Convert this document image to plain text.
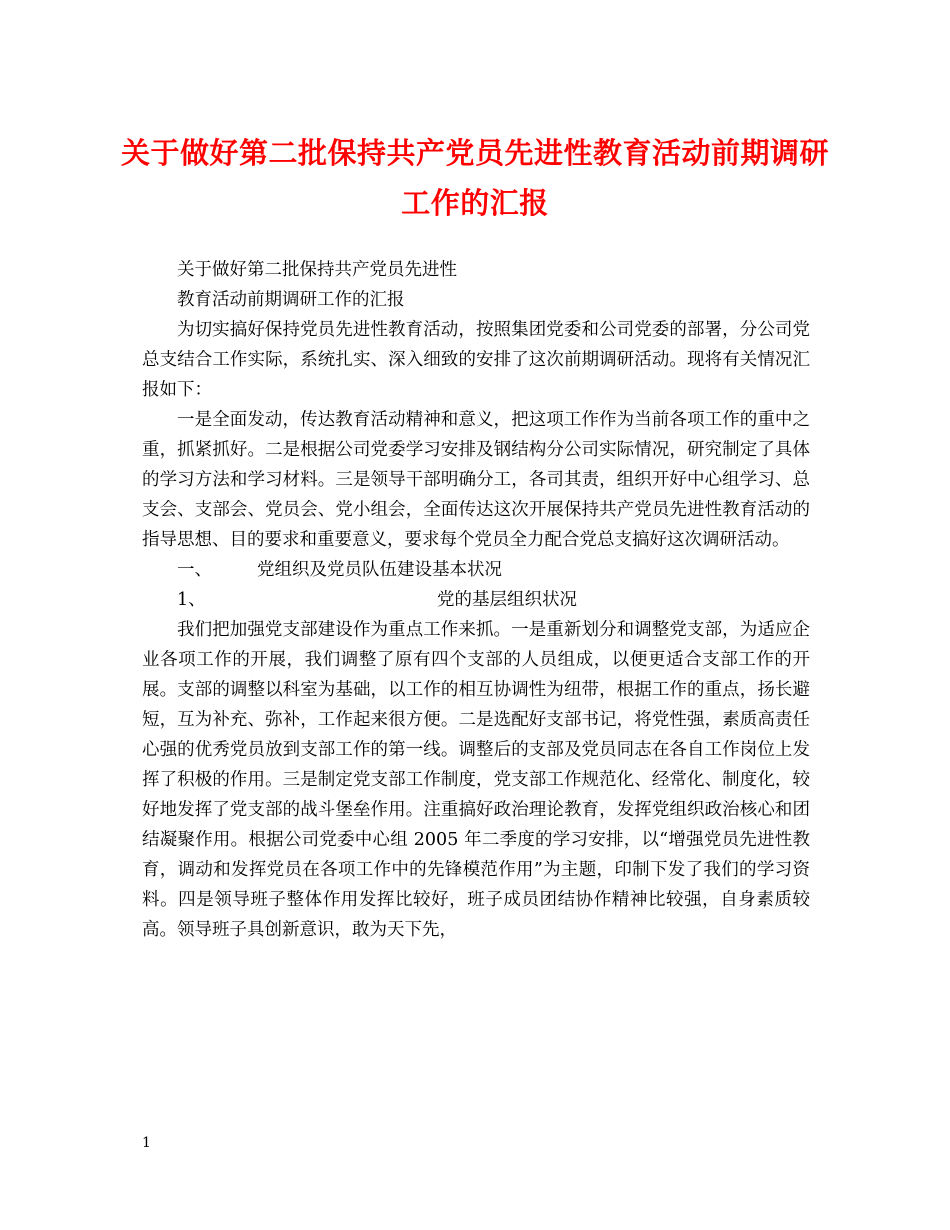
关于做好第二批保持共产党员先进性教育活动前期调研
工作的汇报

关于做好第二批保持共产党员先进性

教育活动前期调研工作的汇报

为切实搞好保持党员先进性教育活动，按照集团党委和公司党委的部署，分公司党总支结合工作实际，系统扎实、深入细致的安排了这次前期调研活动。现将有关情况汇报如下：

一是全面发动，传达教育活动精神和意义，把这项工作作为当前各项工作的重中之重，抓紧抓好。二是根据公司党委学习安排及钢结构分公司实际情况，研究制定了具体的学习方法和学习材料。三是领导干部明确分工，各司其责，组织开好中心组学习、总支会、支部会、党员会、党小组会，全面传达这次开展保持共产党员先进性教育活动的指导思想、目的要求和重要意义，要求每个党员全力配合党总支搞好这次调研活动。

一、	党组织及党员队伍建设基本状况
1、	党的基层组织状况

我们把加强党支部建设作为重点工作来抓。一是重新划分和调整党支部，为适应企业各项工作的开展，我们调整了原有四个支部的人员组成，以便更适合支部工作的开展。支部的调整以科室为基础，以工作的相互协调性为纽带，根据工作的重点，扬长避短，互为补充、弥补，工作起来很方便。二是选配好支部书记，将党性强，素质高责任心强的优秀党员放到支部工作的第一线。调整后的支部及党员同志在各自工作岗位上发挥了积极的作用。三是制定党支部工作制度，党支部工作规范化、经常化、制度化，较好地发挥了党支部的战斗堡垒作用。注重搞好政治理论教育，发挥党组织政治核心和团结凝聚作用。根据公司党委中心组 2005 年二季度的学习安排，以“增强党员先进性教育，调动和发挥党员在各项工作中的先锋模范作用”为主题，印制下发了我们的学习资料。四是领导班子整体作用发挥比较好，班子成员团结协作精神比较强，自身素质较高。领导班子具创新意识，敢为天下先，

1
